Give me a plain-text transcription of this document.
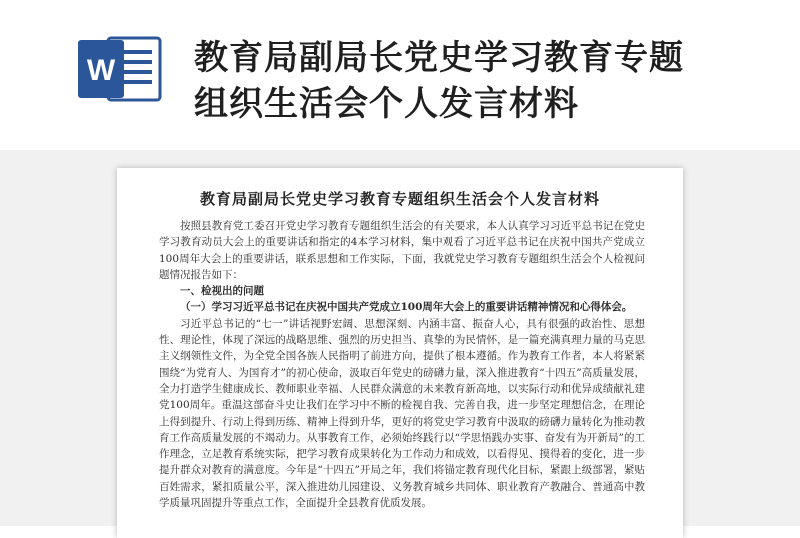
W 教育局副局长党史学习教育专题
组织生活会个人发言材料
教育局副局长党史学习教育专题组织生活会个人发言材料

按照县教育党工委召开党史学习教育专题组织生活会的有关要求，本人认真学习习近平总书记在党史学习教育动员大会上的重要讲话和指定的4本学习材料，集中观看了习近平总书记在庆祝中国共产党成立100周年大会上的重要讲话，联系思想和工作实际，下面，我就党史学习教育专题组织生活会个人检视问题情况报告如下：

一、检视出的问题

（一）学习习近平总书记在庆祝中国共产党成立100周年大会上的重要讲话精神情况和心得体会。

习近平总书记的“七一”讲话视野宏阔、思想深刻、内涵丰富、振奋人心，具有很强的政治性、思想性、理论性，体现了深远的战略思维、强烈的历史担当、真挚的为民情怀，是一篇充满真理力量的马克思主义纲领性文件，为全党全国各族人民指明了前进方向，提供了根本遵循。作为教育工作者，本人将紧紧围绕“为党育人、为国育才”的初心使命，汲取百年党史的磅礴力量，深入推进教育“十四五”高质量发展，全力打造学生健康成长、教师职业幸福、人民群众满意的未来教育新高地，以实际行动和优异成绩献礼建党100周年。重温这部奋斗史让我们在学习中不断的检视自我、完善自我，进一步坚定理想信念，在理论上得到提升、行动上得到历练、精神上得到升华，更好的将党史学习教育中汲取的磅礴力量转化为推动教育工作高质量发展的不竭动力。从事教育工作，必须始终践行以“学思悟践办实事、奋发有为开新局”的工作理念，立足教育系统实际，把学习教育成果转化为工作动力和成效，以看得见、摸得着的变化，进一步提升群众对教育的满意度。今年是“十四五”开局之年，我们将锚定教育现代化目标，紧跟上级部署，紧贴百姓需求，紧扣质量公平，深入推进幼儿园建设、义务教育城乡共同体、职业教育产教融合、普通高中教学质量巩固提升等重点工作，全面提升全县教育优质发展。
